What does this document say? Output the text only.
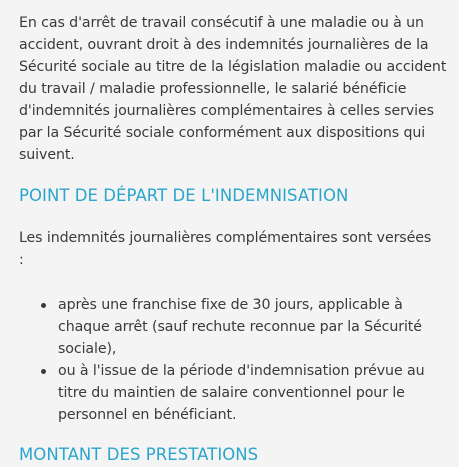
En cas d'arrêt de travail consécutif à une maladie ou à un accident, ouvrant droit à des indemnités journalières de la Sécurité sociale au titre de la législation maladie ou accident du travail / maladie professionnelle, le salarié bénéficie d'indemnités journalières complémentaires à celles servies par la Sécurité sociale conformément aux dispositions qui suivent.

POINT DE DÉPART DE L'INDEMNISATION

Les indemnités journalières complémentaires sont versées :

après une franchise fixe de 30 jours, applicable à chaque arrêt (sauf rechute reconnue par la Sécurité sociale),
ou à l'issue de la période d'indemnisation prévue au titre du maintien de salaire conventionnel pour le personnel en bénéficiant.
MONTANT DES PRESTATIONS
